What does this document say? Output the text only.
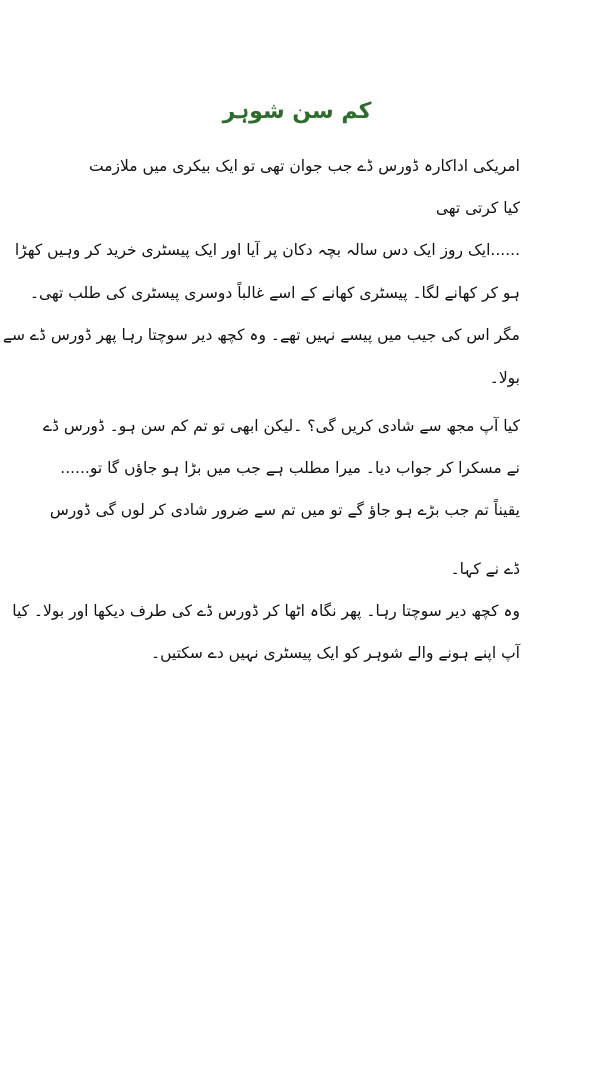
کم سن شوہر
امریکی اداکارہ ڈورس ڈے جب جوان تھی تو ایک بیکری میں ملازمت
کیا کرتی تھی
......ایک روز ایک دس سالہ بچہ دکان پر آیا اور ایک پیسٹری خرید کر وہیں کھڑا
ہو کر کھانے لگا۔ پیسٹری کھانے کے اسے غالباً دوسری پیسٹری کی طلب تھی۔
مگر اس کی جیب میں پیسے نہیں تھے۔ وہ کچھ دیر سوچتا رہا پھر ڈورس ڈے سے
بولا۔
کیا آپ مجھ سے شادی کریں گی؟ ۔لیکن ابھی تو تم کم سن ہو۔ ڈورس ڈے
نے مسکرا کر جواب دیا۔ میرا مطلب ہے جب میں بڑا ہو جاؤں گا تو......
یقیناً تم جب بڑے ہو جاؤ گے تو میں تم سے ضرور شادی کر لوں گی ڈورس
ڈے نے کہا۔
وہ کچھ دیر سوچتا رہا۔ پھر نگاہ اٹھا کر ڈورس ڈے کی طرف دیکھا اور بولا۔ کیا
آپ اپنے ہونے والے شوہر کو ایک پیسٹری نہیں دے سکتیں۔
